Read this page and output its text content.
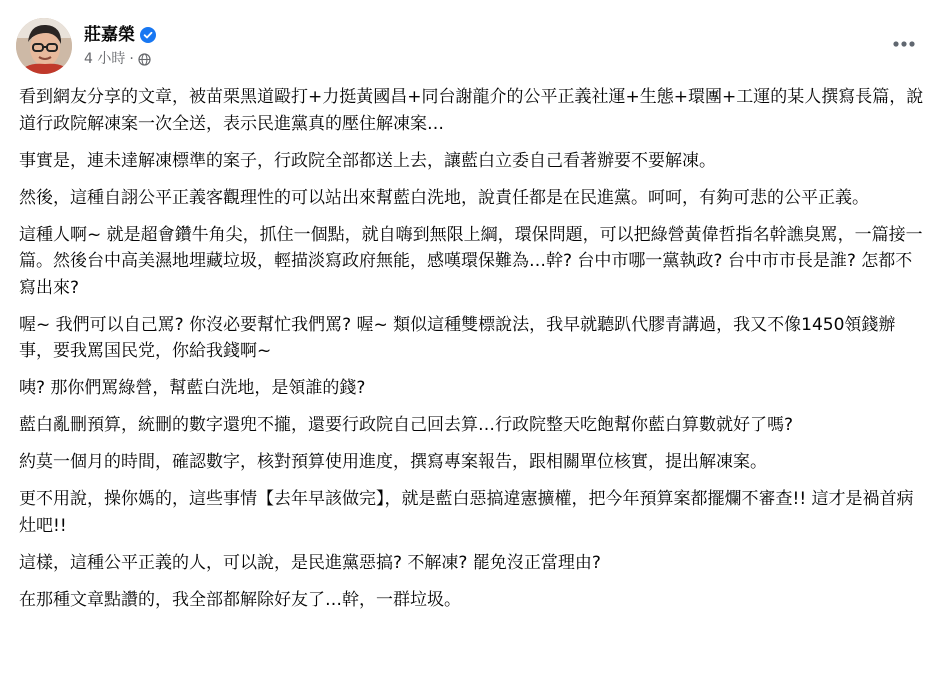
莊嘉榮
4 小時 ·

看到網友分享的文章，被苗栗黑道毆打+力挺黃國昌+同台謝龍介的公平正義社運+生態+環團+工運的某人撰寫長篇，說道行政院解凍案一次全送，表示民進黨真的壓住解凍案…

事實是，連未達解凍標準的案子，行政院全部都送上去，讓藍白立委自己看著辦要不要解凍。

然後，這種自詡公平正義客觀理性的可以站出來幫藍白洗地，說責任都是在民進黨。呵呵，有夠可悲的公平正義。

這種人啊~ 就是超會鑽牛角尖，抓住一個點，就自嗨到無限上綱，環保問題，可以把綠營黃偉哲指名幹譙臭罵，一篇接一篇。然後台中高美濕地埋藏垃圾，輕描淡寫政府無能，感嘆環保難為…幹? 台中市哪一黨執政? 台中市市長是誰? 怎都不寫出來?

喔~ 我們可以自己罵? 你沒必要幫忙我們罵? 喔~ 類似這種雙標說法，我早就聽趴代膠青講過，我又不像1450領錢辦事，要我罵国民党，你給我錢啊~

咦? 那你們罵綠營，幫藍白洗地，是領誰的錢?

藍白亂刪預算，統刪的數字還兜不攏，還要行政院自己回去算…行政院整天吃飽幫你藍白算數就好了嗎?

約莫一個月的時間，確認數字，核對預算使用進度，撰寫專案報告，跟相關單位核實，提出解凍案。

更不用說，操你媽的，這些事情【去年早該做完】，就是藍白惡搞違憲擴權，把今年預算案都擺爛不審查!! 這才是禍首病灶吧!!

這樣，這種公平正義的人，可以說，是民進黨惡搞? 不解凍? 罷免沒正當理由?

在那種文章點讚的，我全部都解除好友了…幹，一群垃圾。
